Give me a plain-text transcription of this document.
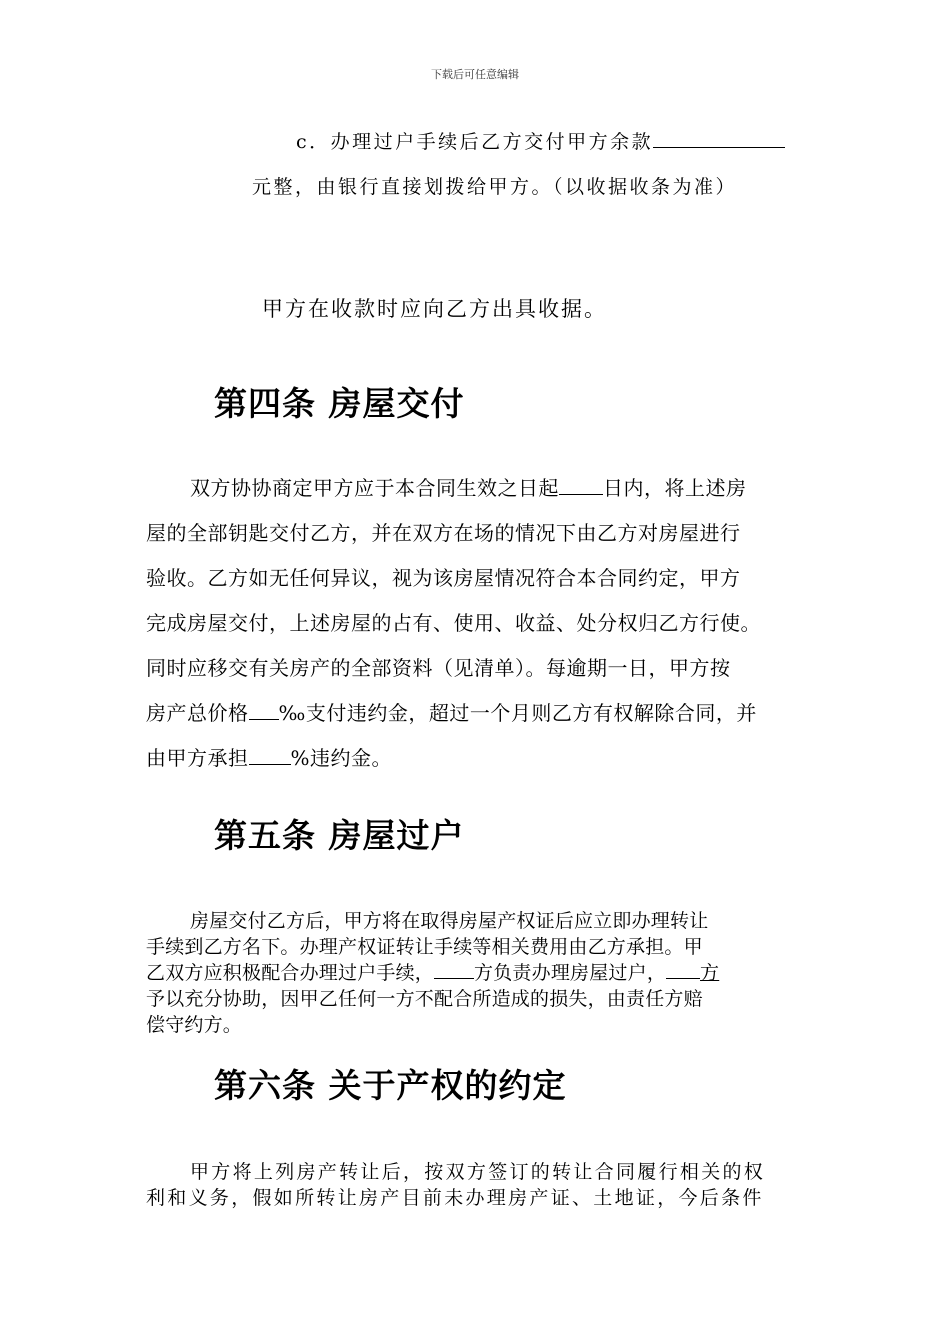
下载后可任意编辑
c．办理过户手续后乙方交付甲方余款
元整，由银行直接划拨给甲方。（以收据收条为准）
甲方在收款时应向乙方出具收据。
第四条 房屋交付
双方协协商定甲方应于本合同生效之日起 日内，将上述房
屋的全部钥匙交付乙方，并在双方在场的情况下由乙方对房屋进行
验收。乙方如无任何异议，视为该房屋情况符合本合同约定，甲方
完成房屋交付，上述房屋的占有、使用、收益、处分权归乙方行使。
同时应移交有关房产的全部资料（见清单）。每逾期一日，甲方按
房产总价格 ‰支付违约金，超过一个月则乙方有权解除合同，并
由甲方承担 %违约金。
第五条 房屋过户
房屋交付乙方后，甲方将在取得房屋产权证后应立即办理转让
手续到乙方名下。办理产权证转让手续等相关费用由乙方承担。甲
乙双方应积极配合办理过户手续， 方负责办理房屋过户， 方
予以充分协助，因甲乙任何一方不配合所造成的损失，由责任方赔
偿守约方。
第六条 关于产权的约定
甲方将上列房产转让后，按双方签订的转让合同履行相关的权
利和义务，假如所转让房产目前未办理房产证、土地证，今后条件
